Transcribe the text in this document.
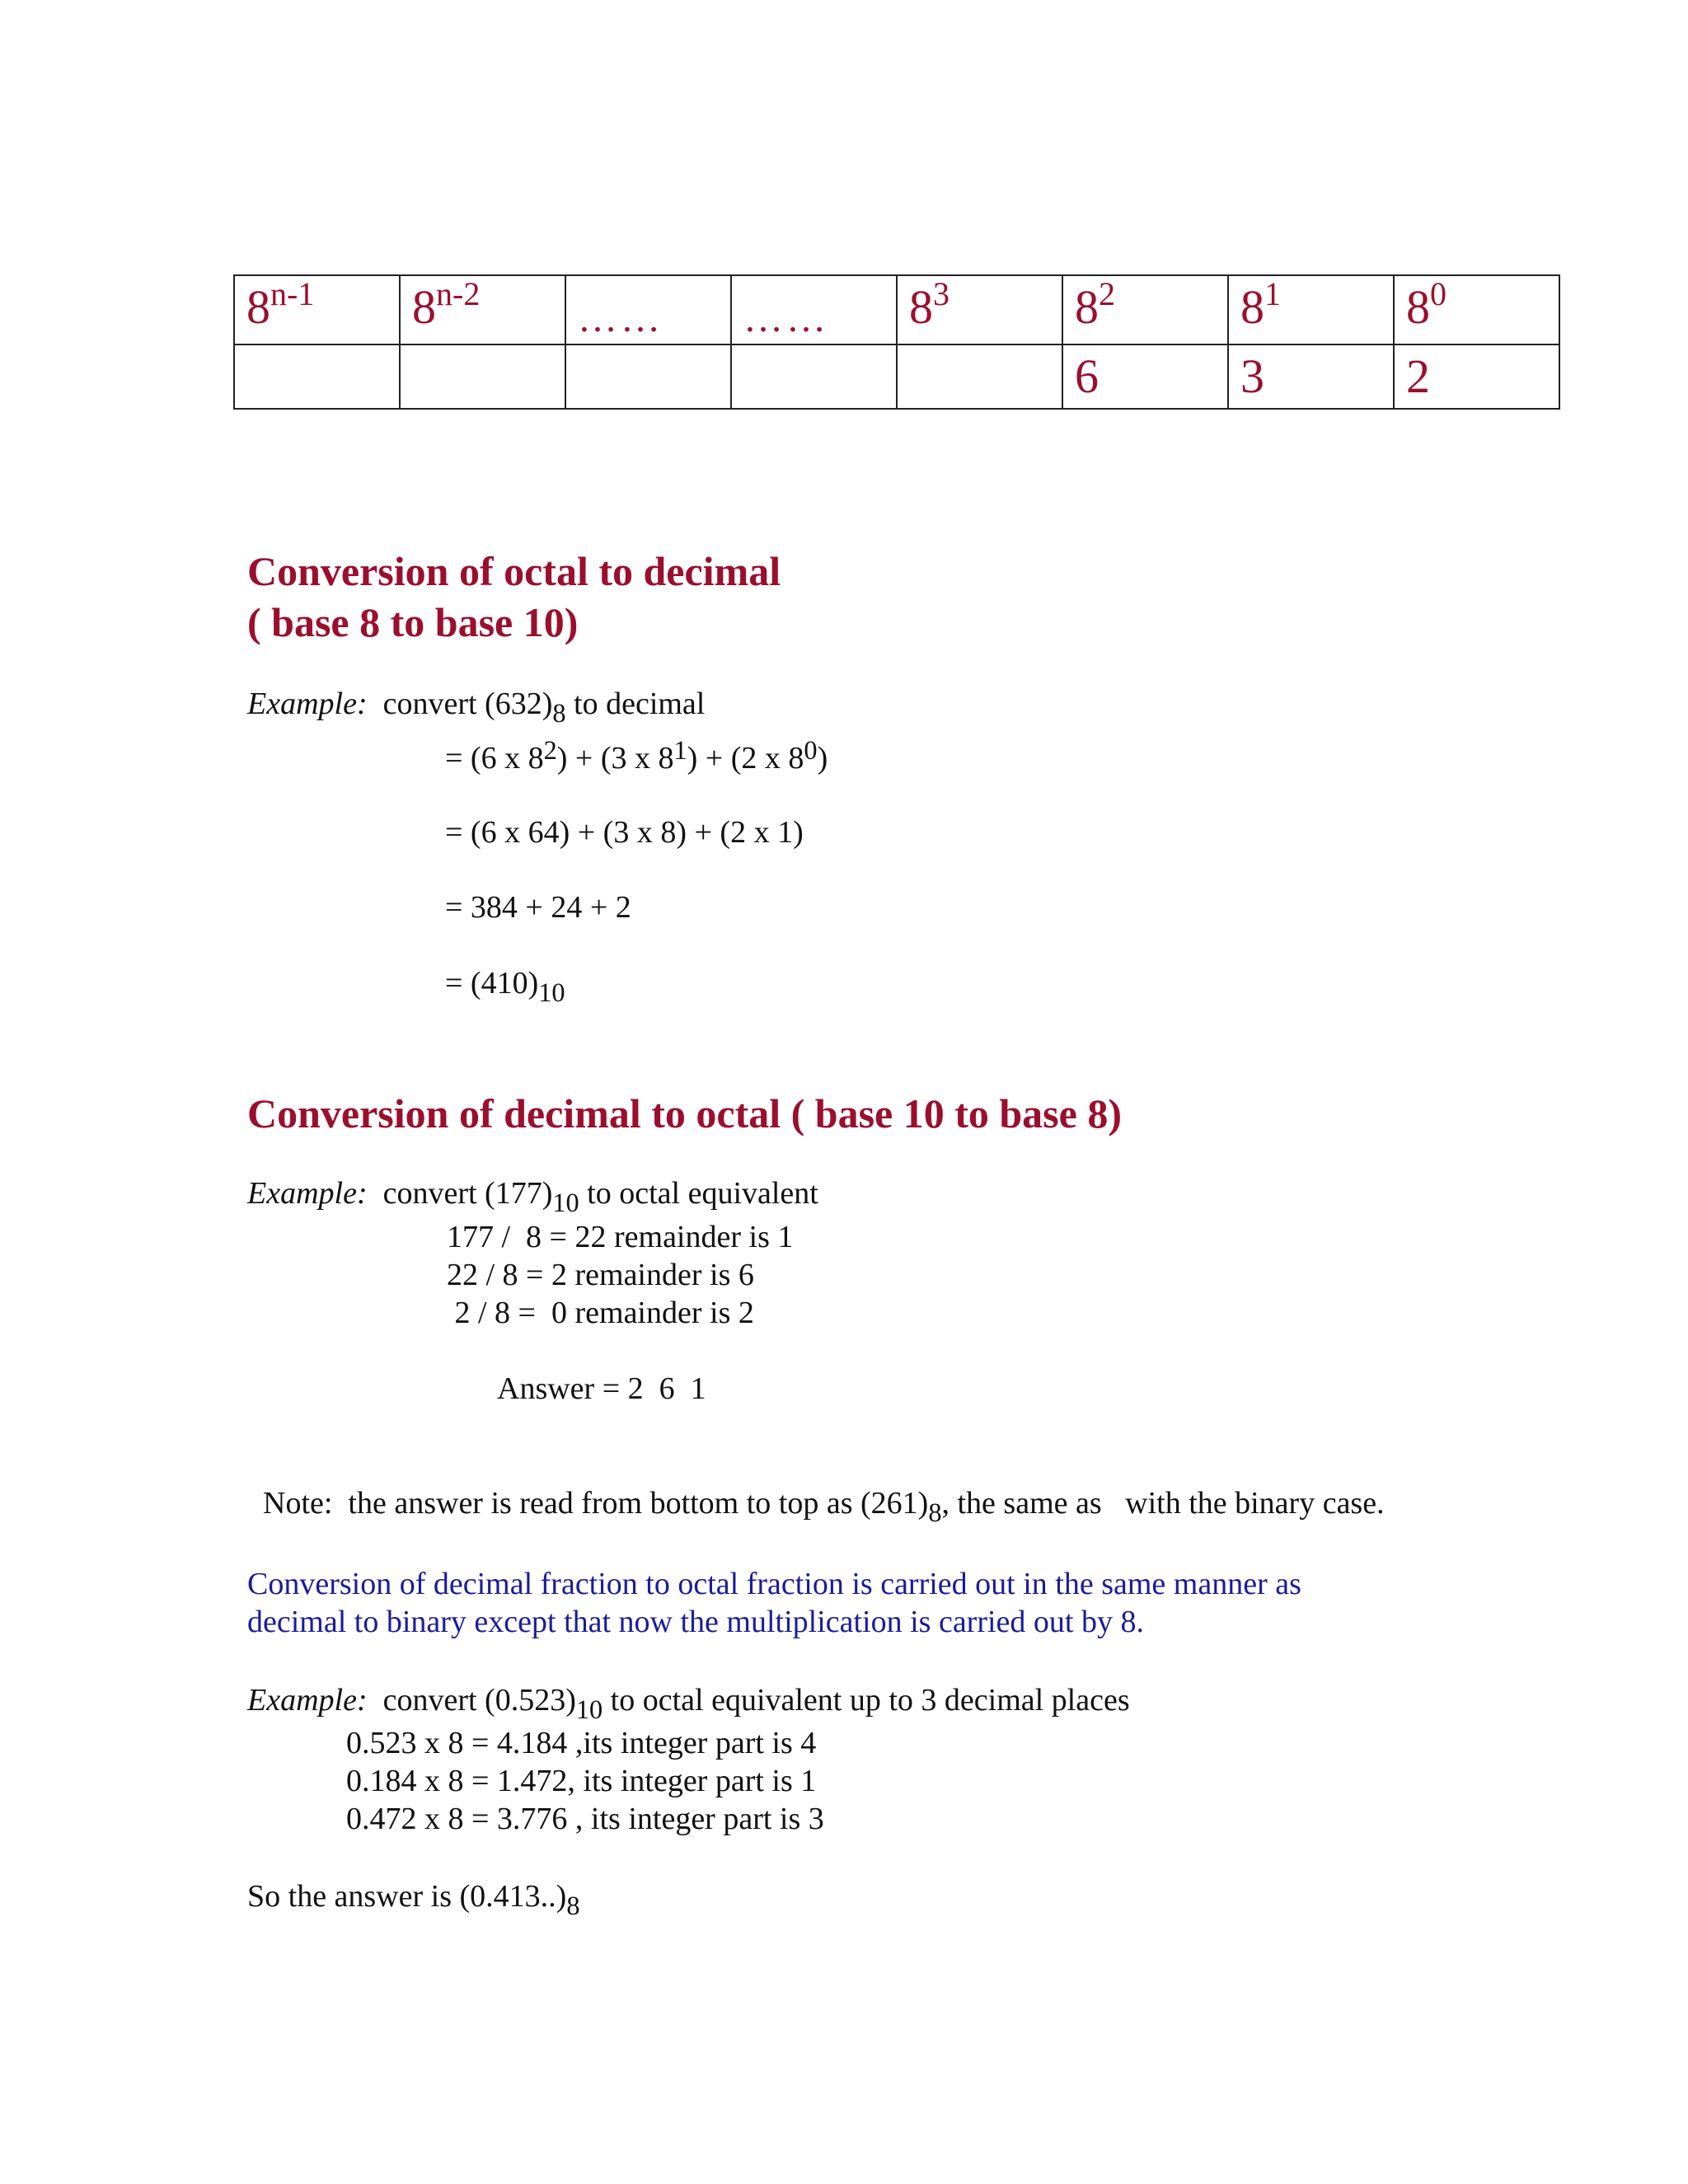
8$^{n-1}$	8$^{n-2}$	……	……	$8^3$	$8^2$	$8^1$	$8^0$
					6	3	2
Conversion of octal to decimal
( base 8 to base 10)
Example: convert $(632)_8$ to decimal
= (6 x $8^2) + (3$ x $8^1) + (2$ x $8^0$)
= (6 x 64) + (3 x 8) + (2 x 1)
= 384 + 24 + 2
= $(410)_{10}$
Conversion of decimal to octal ( base 10 to base 8)
Example: convert $(177)_{10}$ to octal equivalent
177 /  8 = 22 remainder is 1
22 / 8 = 2 remainder is 6
2 / 8 =  0 remainder is 2
Answer = 2  6  1

Note:  the answer is read from bottom to top as $(261)_8$, the same as   with the binary case.

Conversion of decimal fraction to octal fraction is carried out in the same manner as
decimal to binary except that now the multiplication is carried out by 8.
Example: convert $(0.523)_{10}$ to octal equivalent up to 3 decimal places
0.523 x 8 = 4.184 ,its integer part is 4
0.184 x 8 = 1.472, its integer part is 1
0.472 x 8 = 3.776 , its integer part is 3
So the answer is $(0.413..)_8$
